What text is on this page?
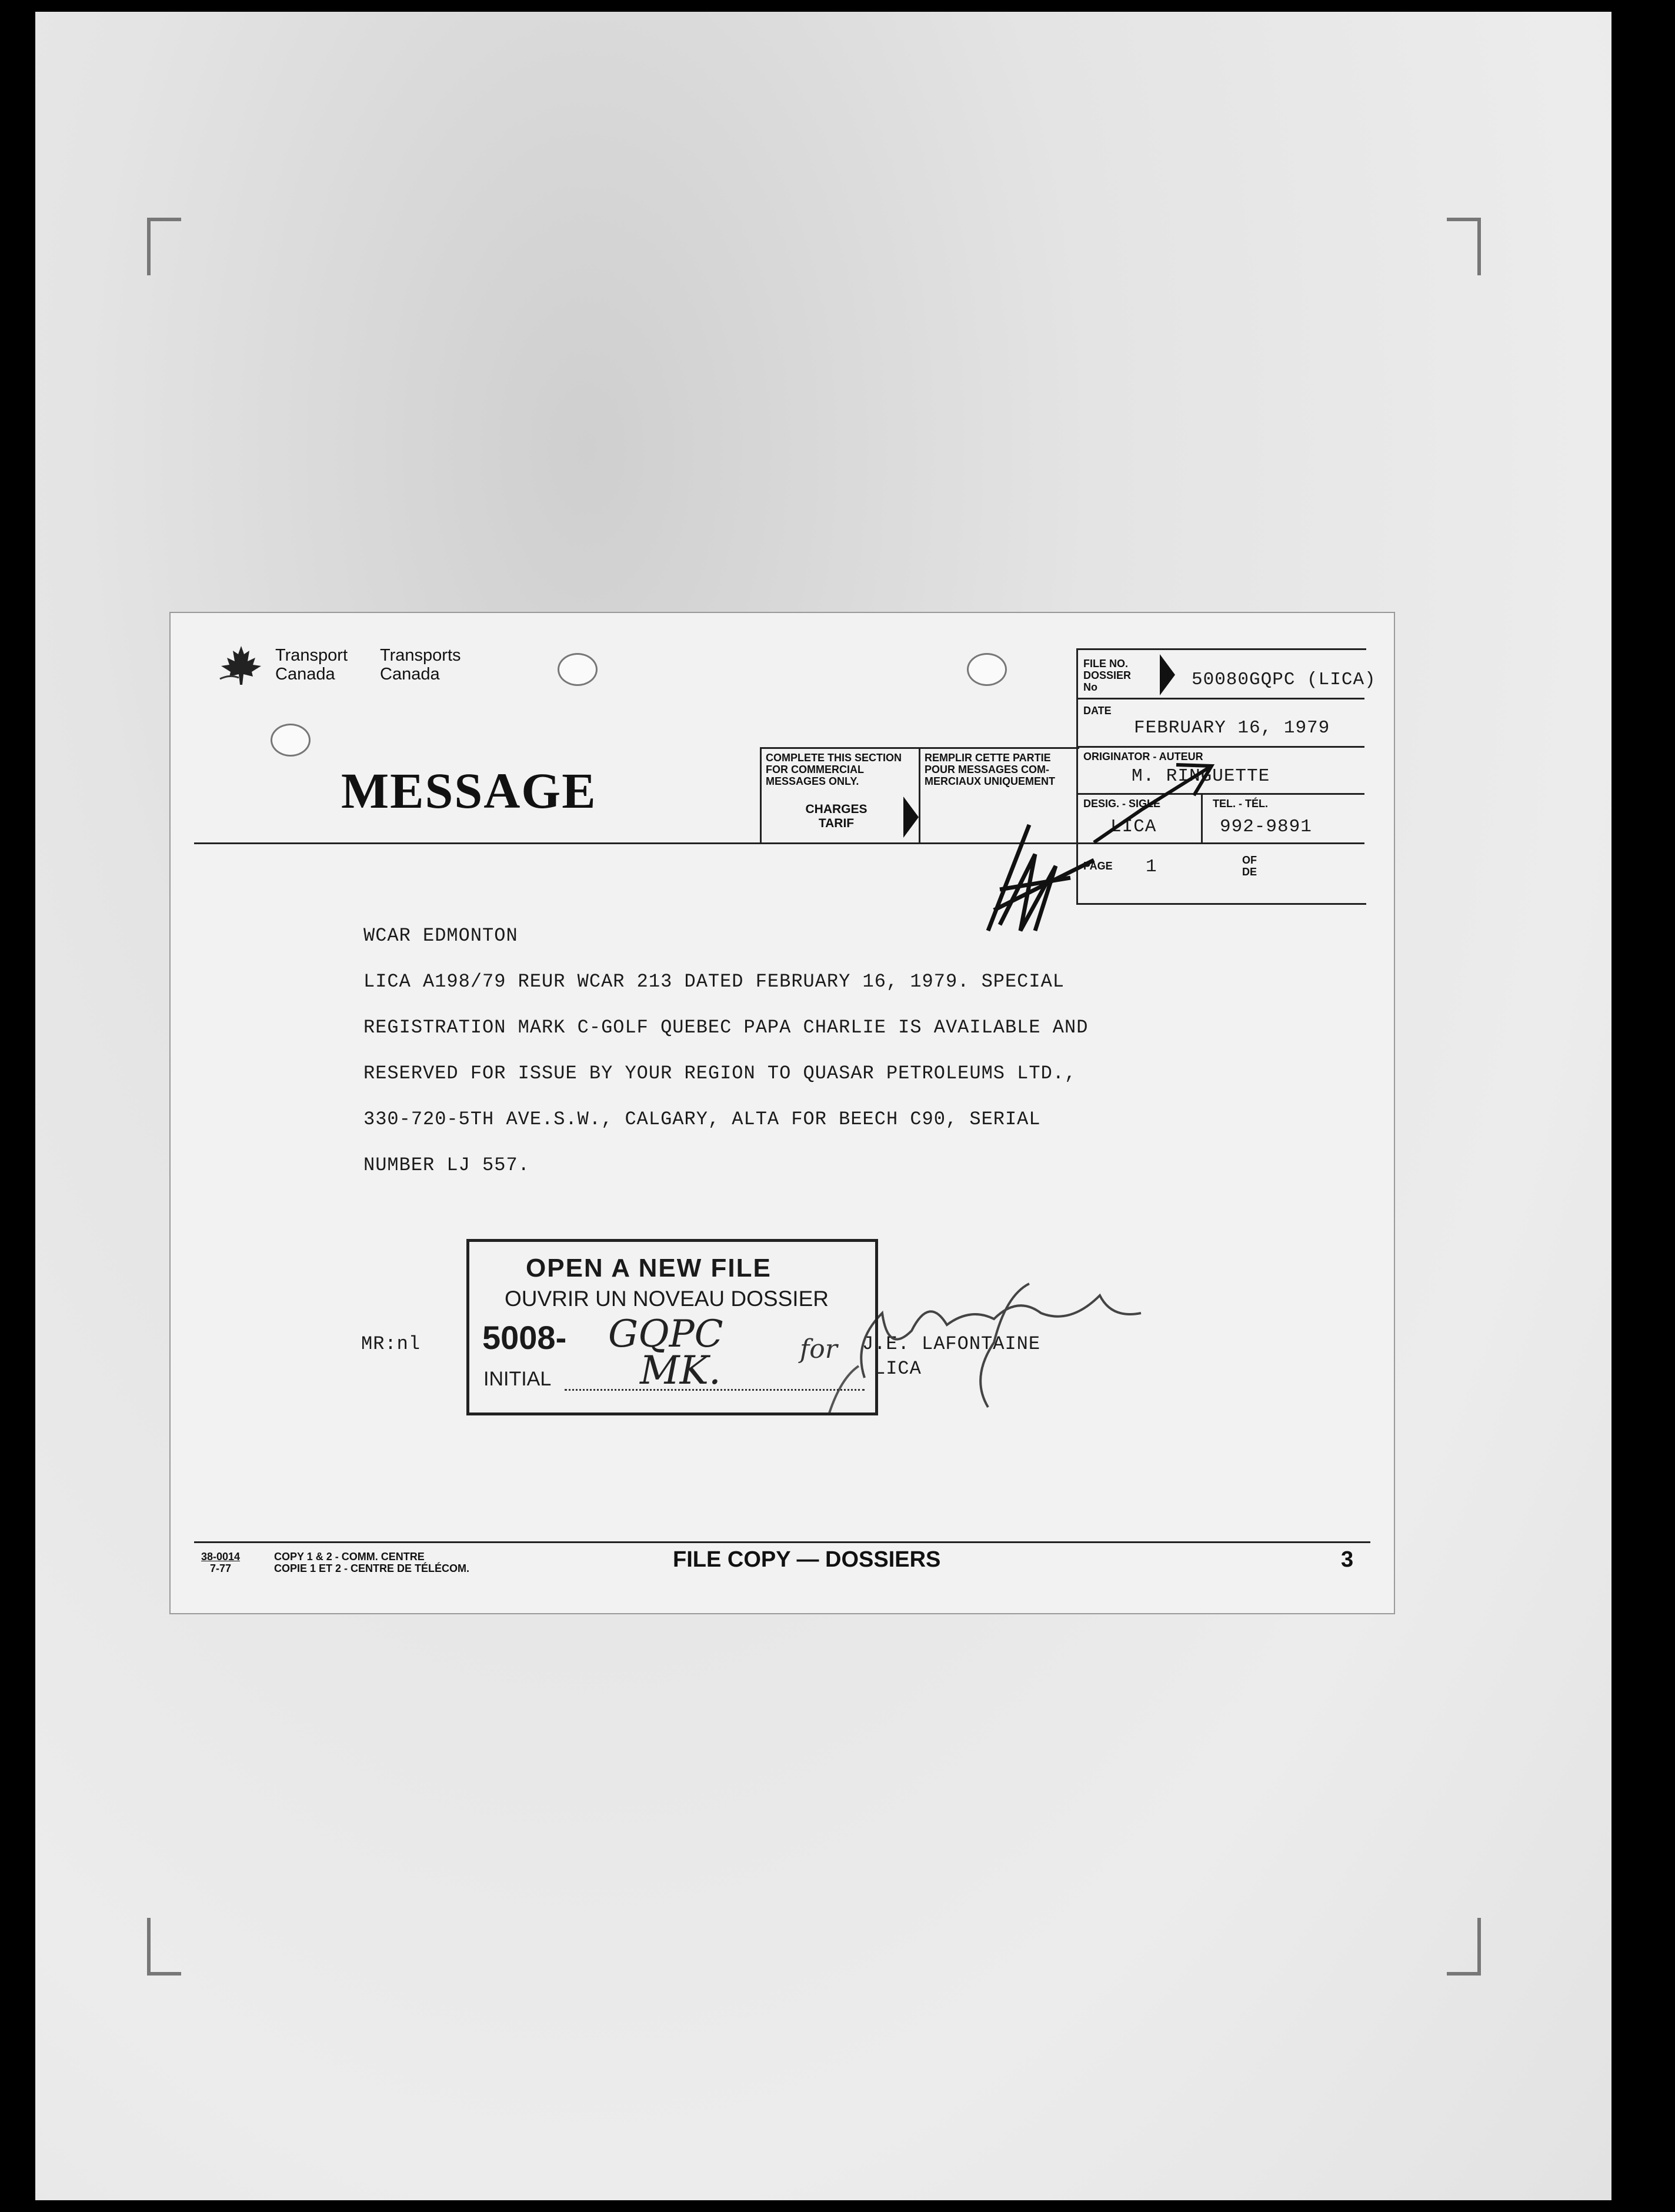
Transport
Canada
Transports
Canada
MESSAGE
COMPLETE THIS SECTION
FOR COMMERCIAL
MESSAGES ONLY.
REMPLIR CETTE PARTIE
POUR MESSAGES COM-
MERCIAUX UNIQUEMENT
CHARGES
TARIF
FILE NO.
DOSSIER
No	50080GQPC (LICA)
DATE
FEBRUARY 16, 1979
ORIGINATOR - AUTEUR
M. RINGUETTE
DESIG. - SIGLE
LICA
TEL. - TÉL.
992-9891
PAGE 1	OF
DE
WCAR EDMONTON
LICA A198/79 REUR WCAR 213 DATED FEBRUARY 16, 1979. SPECIAL
REGISTRATION MARK C-GOLF QUEBEC PAPA CHARLIE IS AVAILABLE AND
RESERVED FOR ISSUE BY YOUR REGION TO QUASAR PETROLEUMS LTD.,
330-720-5TH AVE.S.W., CALGARY, ALTA FOR BEECH C90, SERIAL
NUMBER LJ 557.
MR:nl	J.E. LAFONTAINE
LICA
for
OPEN A NEW FILE
OUVRIR UN NOVEAU DOSSIER
5008- GQPC
INITIAL MK.
38-0014
7-77
COPY 1 & 2 - COMM. CENTRE
COPIE 1 ET 2 - CENTRE DE TÉLÉCOM.	FILE COPY — DOSSIERS	3
